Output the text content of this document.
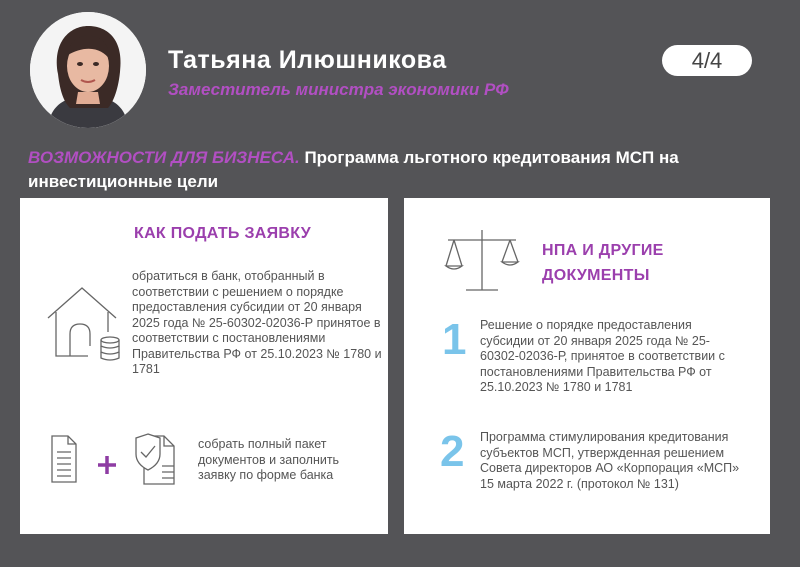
Татьяна Илюшникова
Заместитель министра экономики РФ
4/4
ВОЗМОЖНОСТИ ДЛЯ БИЗНЕСА. Программа льготного кредитования МСП на инвестиционные цели
КАК ПОДАТЬ ЗАЯВКУ
обратиться в банк, отобранный в соответствии с решением о порядке предоставления субсидии от 20 января 2025 года № 25-60302-02036-Р принятое в соответствии с постановлениями Правительства РФ от 25.10.2023 № 1780 и 1781
собрать полный пакет документов и заполнить заявку по форме банка
НПА И ДРУГИЕ ДОКУМЕНТЫ
1 Решение о порядке предоставления субсидии от 20 января 2025 года № 25-60302-02036-Р, принятое в соответствии с постановлениями Правительства РФ от 25.10.2023 № 1780 и 1781
2 Программа стимулирования кредитования субъектов МСП, утвержденная решением Совета директоров АО «Корпорация «МСП» 15 марта 2022 г. (протокол № 131)
